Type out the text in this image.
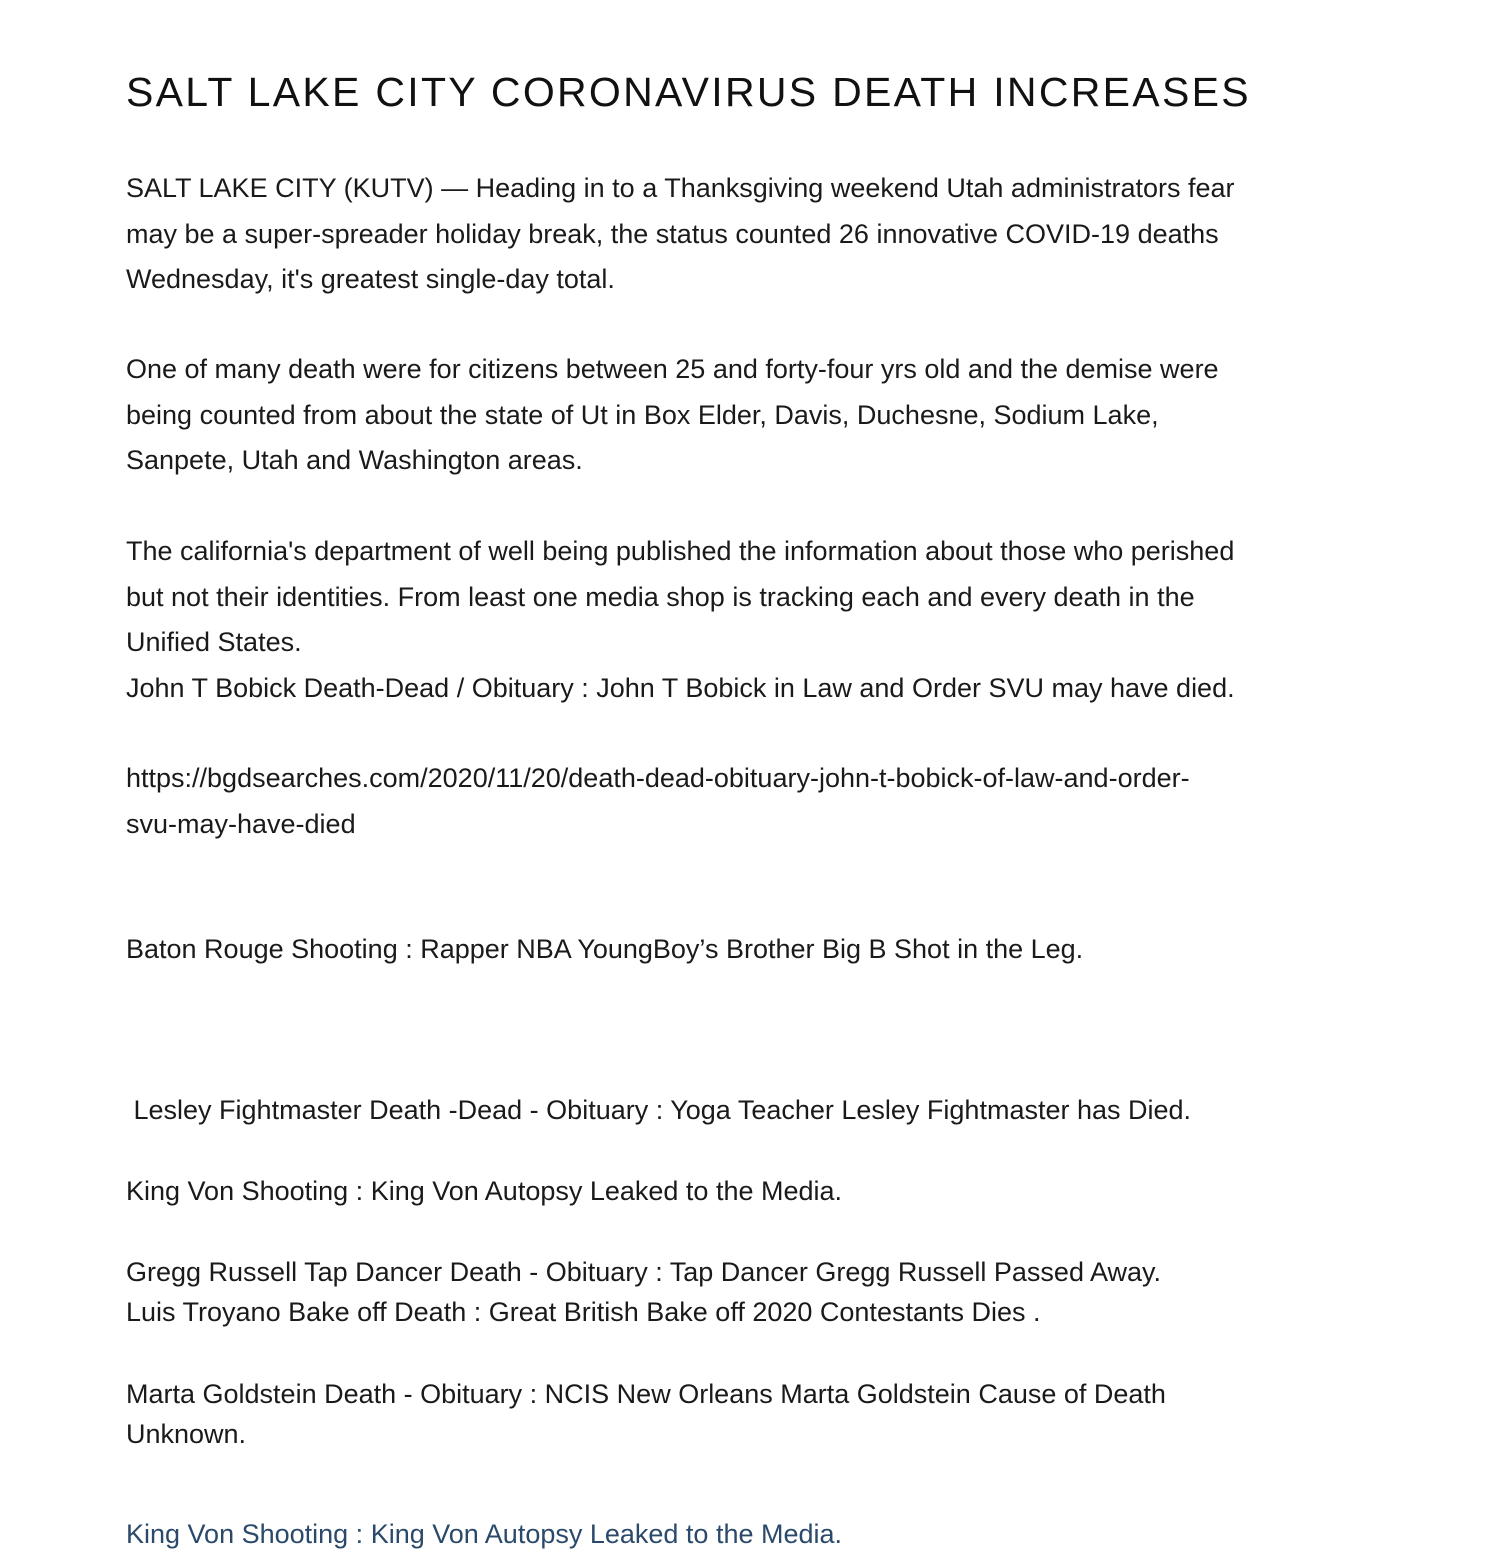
SALT LAKE CITY CORONAVIRUS DEATH INCREASES
SALT LAKE CITY (KUTV) — Heading in to a Thanksgiving weekend Utah administrators fear
may be a super-spreader holiday break, the status counted 26 innovative COVID-19 deaths
Wednesday, it's greatest single-day total.
One of many death were for citizens between 25 and forty-four yrs old and the demise were
being counted from about the state of Ut in Box Elder, Davis, Duchesne, Sodium Lake,
Sanpete, Utah and Washington areas.
The california's department of well being published the information about those who perished
but not their identities. From least one media shop is tracking each and every death in the
Unified States.
John T Bobick Death-Dead / Obituary : John T Bobick in Law and Order SVU may have died.
https://bgdsearches.com/2020/11/20/death-dead-obituary-john-t-bobick-of-law-and-order-
svu-may-have-died

Baton Rouge Shooting : Rapper NBA YoungBoy’s Brother Big B Shot in the Leg.

Lesley Fightmaster Death -Dead - Obituary : Yoga Teacher Lesley Fightmaster has Died.

King Von Shooting : King Von Autopsy Leaked to the Media.

Gregg Russell Tap Dancer Death - Obituary : Tap Dancer Gregg Russell Passed Away.

Luis Troyano Bake off Death : Great British Bake off 2020 Contestants Dies .

Marta Goldstein Death - Obituary : NCIS New Orleans Marta Goldstein Cause of Death
Unknown.

King Von Shooting : King Von Autopsy Leaked to the Media.
